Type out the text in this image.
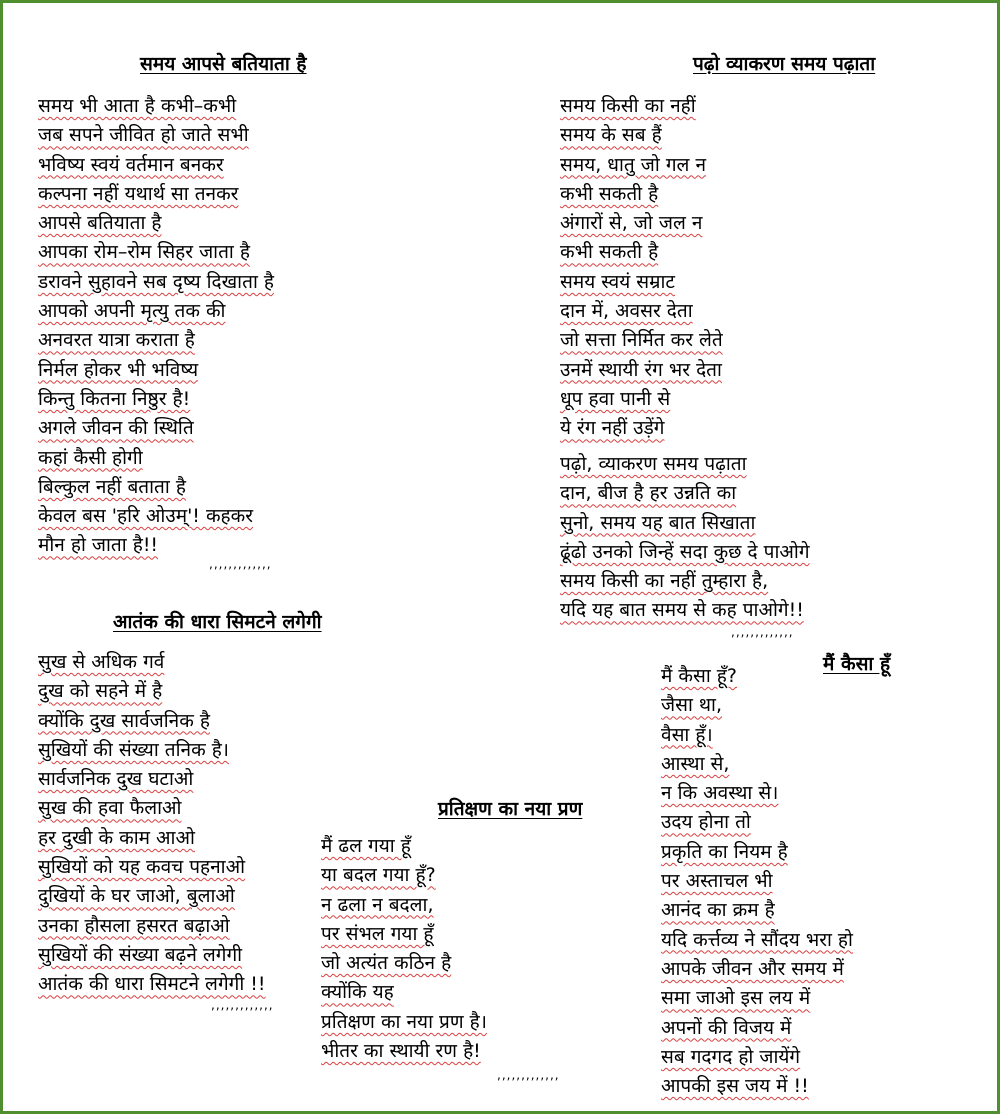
समय आपसे बतियाता है
समय भी आता है कभी–कभी
जब सपने जीवित हो जाते सभी
भविष्य स्वयं वर्तमान बनकर
कल्पना नहीं यथार्थ सा तनकर
आपसे बतियाता है
आपका रोम–रोम सिहर जाता है
डरावने सुहावने सब दृष्य दिखाता है
आपको अपनी मृत्यु तक की
अनवरत यात्रा कराता है
निर्मल होकर भी भविष्य
किन्तु कितना निष्ठुर है!
अगले जीवन की स्थिति
कहां कैसी होगी
बिल्कुल नहीं बताता है
केवल बस 'हरि ओउम्'! कहकर
मौन हो जाता है!!
,,,,,,,,,,,,,
पढ़ो व्याकरण समय पढ़ाता
समय किसी का नहीं
समय के सब हैं
समय, धातु जो गल न
कभी सकती है
अंगारों से, जो जल न
कभी सकती है
समय स्वयं सम्राट
दान में, अवसर देता
जो सत्ता निर्मित कर लेते
उनमें स्थायी रंग भर देता
धूप हवा पानी से
ये रंग नहीं उड़ेंगे
पढ़ो, व्याकरण समय पढ़ाता
दान, बीज है हर उन्नति का
सुनो, समय यह बात सिखाता
ढूंढो उनको जिन्हें सदा कुछ दे पाओगे
समय किसी का नहीं तुम्हारा है,
यदि यह बात समय से कह पाओगे!!
,,,,,,,,,,,,,
आतंक की धारा सिमटने लगेगी
सुख से अधिक गर्व
दुख को सहने में है
क्योंकि दुख सार्वजनिक है
सुखियों की संख्या तनिक है।
सार्वजनिक दुख घटाओ
सुख की हवा फैलाओ
हर दुखी के काम आओ
सुखियों को यह कवच पहनाओ
दुखियों के घर जाओ, बुलाओ
उनका हौसला हसरत बढ़ाओ
सुखियों की संख्या बढ़ने लगेगी
आतंक की धारा सिमटने लगेगी !!
,,,,,,,,,,,,,
प्रतिक्षण का नया प्रण
मैं ढल गया हूँ
या बदल गया हूँ?
न ढला न बदला,
पर संभल गया हूँ
जो अत्यंत कठिन है
क्योंकि यह
प्रतिक्षण का नया प्रण है।
भीतर का स्थायी रण है!
,,,,,,,,,,,,,
मैं कैसा हूँ
मैं कैसा हूँ?
जैसा था,
वैसा हूँ।
आस्था से,
न कि अवस्था से।
उदय होना तो
प्रकृति का नियम है
पर अस्ताचल भी
आनंद का क्रम है
यदि कर्त्तव्य ने सौंदय भरा हो
आपके जीवन और समय में
समा जाओ इस लय में
अपनों की विजय में
सब गदगद हो जायेंगे
आपकी इस जय में !!
